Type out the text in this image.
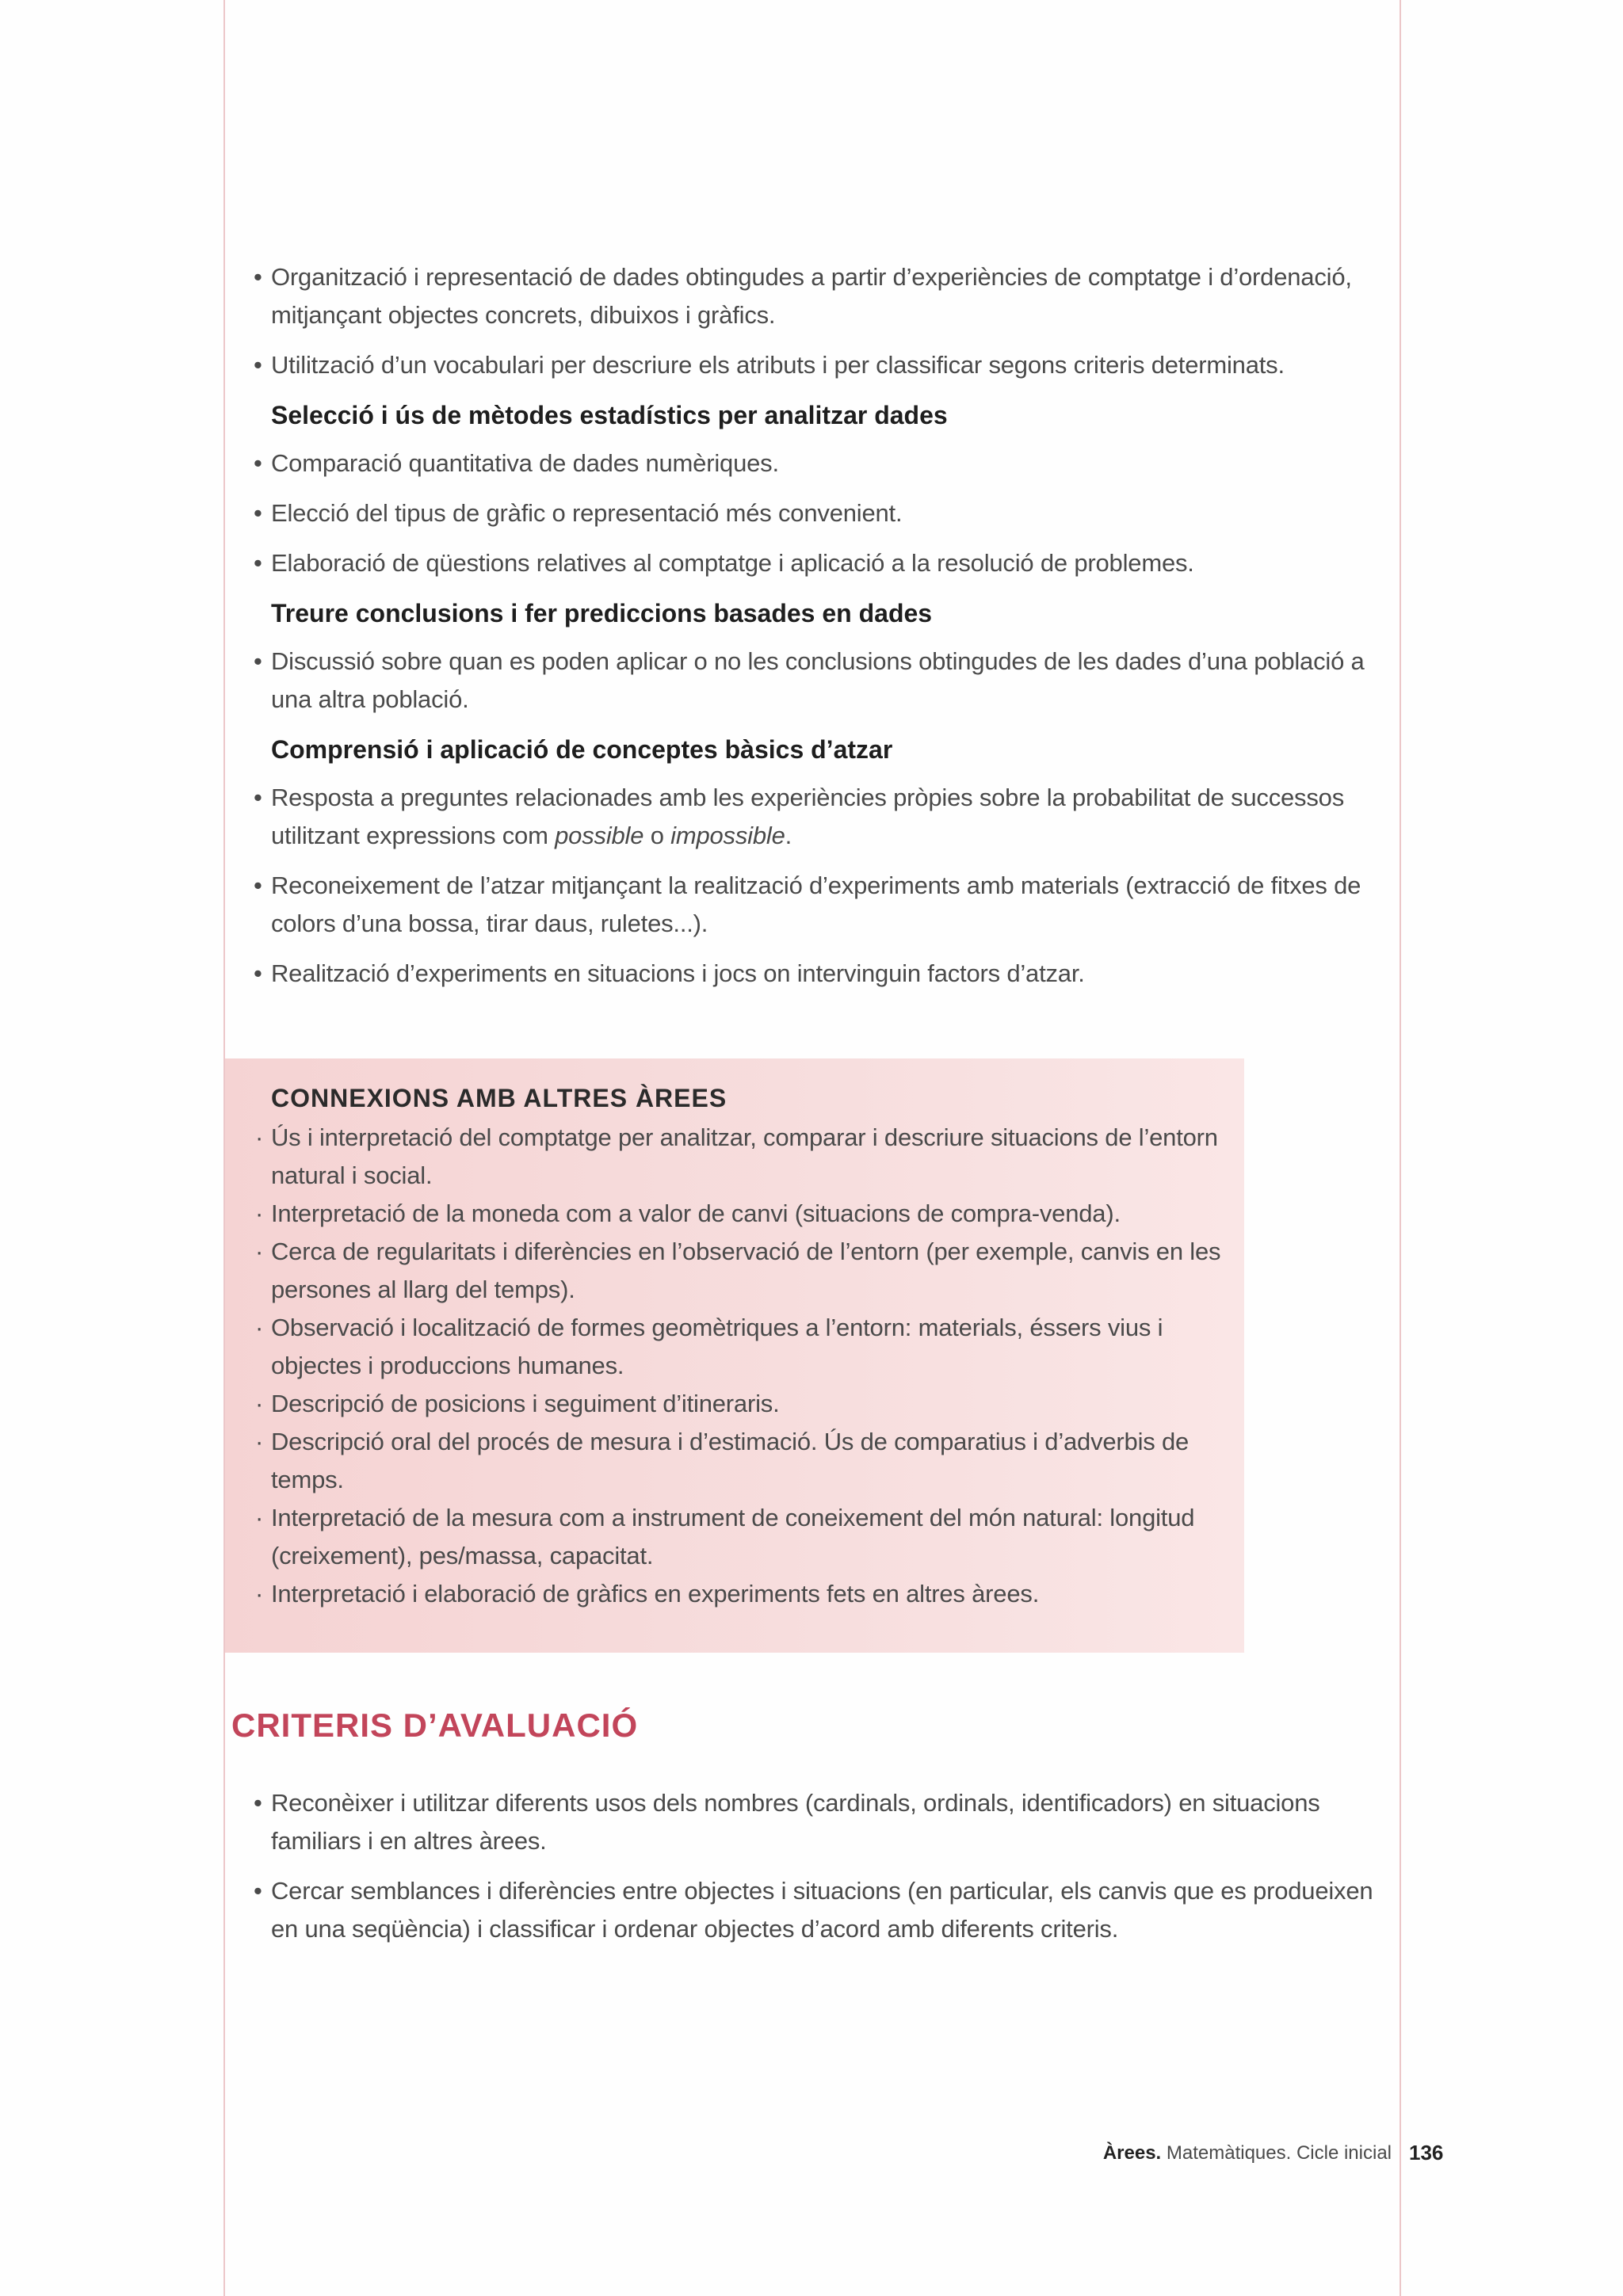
• Organització i representació de dades obtingudes a partir d’experiències de comptatge i d’ordenació, mitjançant objectes concrets, dibuixos i gràfics.
• Utilització d’un vocabulari per descriure els atributs i per classificar segons criteris determinats.
Selecció i ús de mètodes estadístics per analitzar dades
• Comparació quantitativa de dades numèriques.
• Elecció del tipus de gràfic o representació més convenient.
• Elaboració de qüestions relatives al comptatge i aplicació a la resolució de problemes.
Treure conclusions i fer prediccions basades en dades
• Discussió sobre quan es poden aplicar o no les conclusions obtingudes de les dades d’una població a una altra població.
Comprensió i aplicació de conceptes bàsics d’atzar
• Resposta a preguntes relacionades amb les experiències pròpies sobre la probabilitat de successos utilitzant expressions com possible o impossible.
• Reconeixement de l’atzar mitjançant la realització d’experiments amb materials (extracció de fitxes de colors d’una bossa, tirar daus, ruletes...).
• Realització d’experiments en situacions i jocs on intervinguin factors d’atzar.
CONNEXIONS AMB ALTRES ÀREES
· Ús i interpretació del comptatge per analitzar, comparar i descriure situacions de l’entorn natural i social.
· Interpretació de la moneda com a valor de canvi (situacions de compra-venda).
· Cerca de regularitats i diferències en l’observació de l’entorn (per exemple, canvis en les persones al llarg del temps).
· Observació i localització de formes geomètriques a l’entorn: materials, éssers vius i objectes i produccions humanes.
· Descripció de posicions i seguiment d’itineraris.
· Descripció oral del procés de mesura i d’estimació. Ús de comparatius i d’adverbis de temps.
· Interpretació de la mesura com a instrument de coneixement del món natural: longitud (creixement), pes/massa, capacitat.
· Interpretació i elaboració de gràfics en experiments fets en altres àrees.
CRITERIS D’AVALUACIÓ
• Reconèixer i utilitzar diferents usos dels nombres (cardinals, ordinals, identificadors) en situacions familiars i en altres àrees.
• Cercar semblances i diferències entre objectes i situacions (en particular, els canvis que es produeixen en una seqüència) i classificar i ordenar objectes d’acord amb diferents criteris.
Àrees. Matemàtiques. Cicle inicial 136
